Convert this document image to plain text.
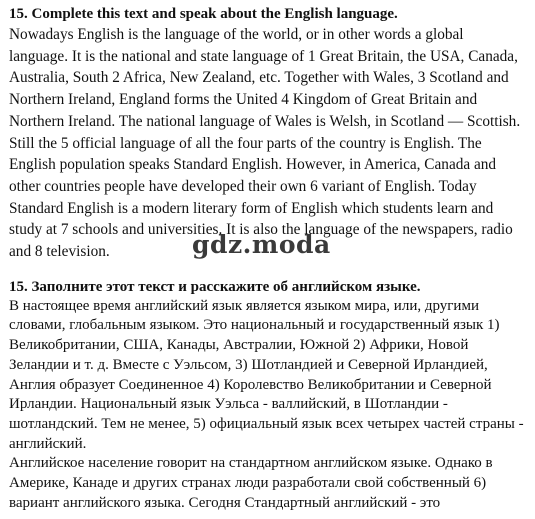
15. Complete this text and speak about the English language.

Nowadays English is the language of the world, or in other words a global language. It is the national and state language of 1 Great Britain, the USA, Canada, Australia, South 2 Africa, New Zealand, etc. Together with Wales, 3 Scotland and Northern Ireland, England forms the United 4 Kingdom of Great Britain and Northern Ireland. The national language of Wales is Welsh, in Scotland — Scottish. Still the 5 official language of all the four parts of the country is English. The English population speaks Standard English. However, in America, Canada and other countries people have developed their own 6 variant of English. Today Standard English is a modern literary form of English which students learn and study at 7 schools and universities. It is also the language of the newspapers, radio and 8 television.

15. Заполните этот текст и расскажите об английском языке.

В настоящее время английский язык является языком мира, или, другими словами, глобальным языком. Это национальный и государственный язык 1) Великобритании, США, Канады, Австралии, Южной 2) Африки, Новой Зеландии и т. д. Вместе с Уэльсом, 3) Шотландией и Северной Ирландией, Англия образует Соединенное 4) Королевство Великобритании и Северной Ирландии. Национальный язык Уэльса - валлийский, в Шотландии - шотландский. Тем не менее, 5) официальный язык всех четырех частей страны - английский.

Английское население говорит на стандартном английском языке. Однако в Америке, Канаде и других странах люди разработали свой собственный 6) вариант английского языка. Сегодня Стандартный английский - это

gdz.moda
